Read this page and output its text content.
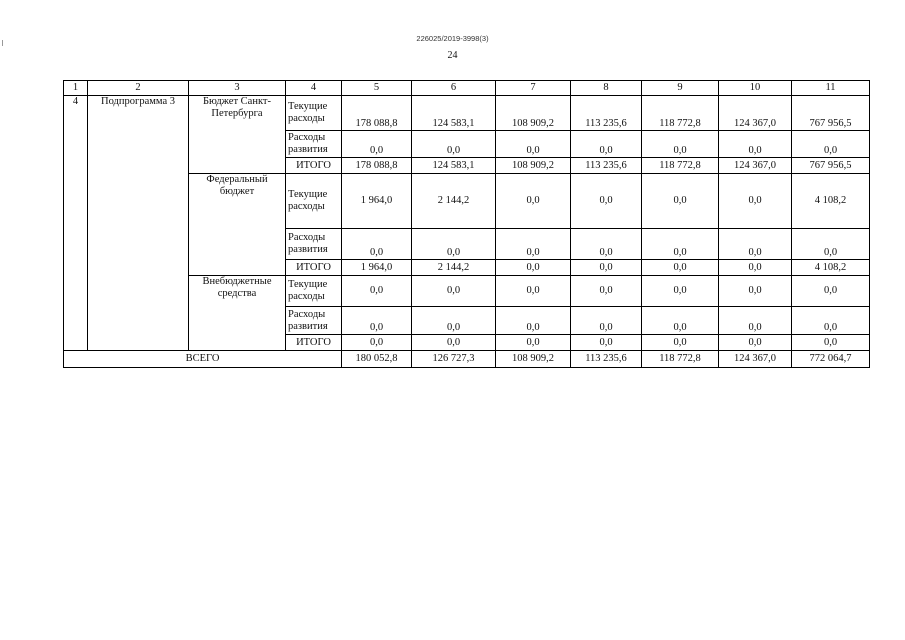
226025/2019-3998(3)
24
1	2	3	4	5	6	7	8	9	10	11
4	Подпрограмма 3	Бюджет Санкт-Петербурга	Текущие расходы	178 088,8	124 583,1	108 909,2	113 235,6	118 772,8	124 367,0	767 956,5
			Расходы развития	0,0	0,0	0,0	0,0	0,0	0,0	0,0
			ИТОГО	178 088,8	124 583,1	108 909,2	113 235,6	118 772,8	124 367,0	767 956,5
		Федеральный бюджет	Текущие расходы	1 964,0	2 144,2	0,0	0,0	0,0	0,0	4 108,2
			Расходы развития	0,0	0,0	0,0	0,0	0,0	0,0	0,0
			ИТОГО	1 964,0	2 144,2	0,0	0,0	0,0	0,0	4 108,2
		Внебюджетные средства	Текущие расходы	0,0	0,0	0,0	0,0	0,0	0,0	0,0
			Расходы развития	0,0	0,0	0,0	0,0	0,0	0,0	0,0
			ИТОГО	0,0	0,0	0,0	0,0	0,0	0,0	0,0
ВСЕГО				180 052,8	126 727,3	108 909,2	113 235,6	118 772,8	124 367,0	772 064,7
